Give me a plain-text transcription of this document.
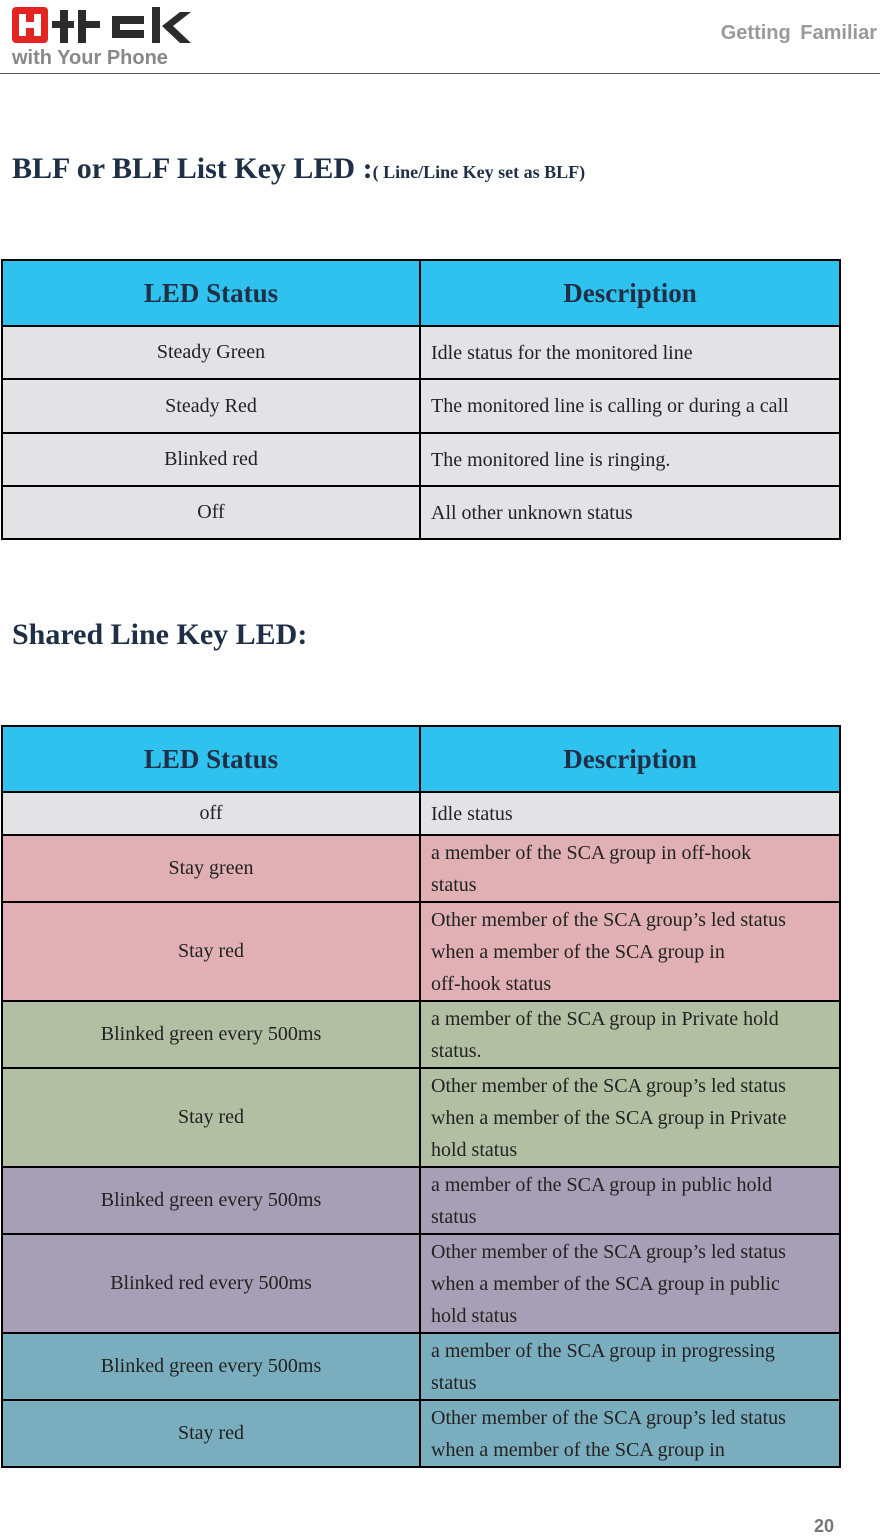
with Your Phone
Getting Familiar
BLF or BLF List Key LED :( Line/Line Key set as BLF)
LED Status	Description
Steady Green	Idle status for the monitored line
Steady Red	The monitored line is calling or during a call
Blinked red	The monitored line is ringing.
Off	All other unknown status
Shared Line Key LED:
LED Status	Description
off	Idle status

Stay green	a member of the SCA group in off-hook
status

Stay red	Other member of the SCA group’s led status
when a member of the SCA group in
off-hook status

Blinked green every 500ms	a member of the SCA group in Private hold
status.

Stay red	Other member of the SCA group’s led status
when a member of the SCA group in Private
hold status

Blinked green every 500ms	a member of the SCA group in public hold
status

Blinked red every 500ms	Other member of the SCA group’s led status
when a member of the SCA group in public
hold status

Blinked green every 500ms	a member of the SCA group in progressing
status

Stay red	Other member of the SCA group’s led status
when a member of the SCA group in
20
